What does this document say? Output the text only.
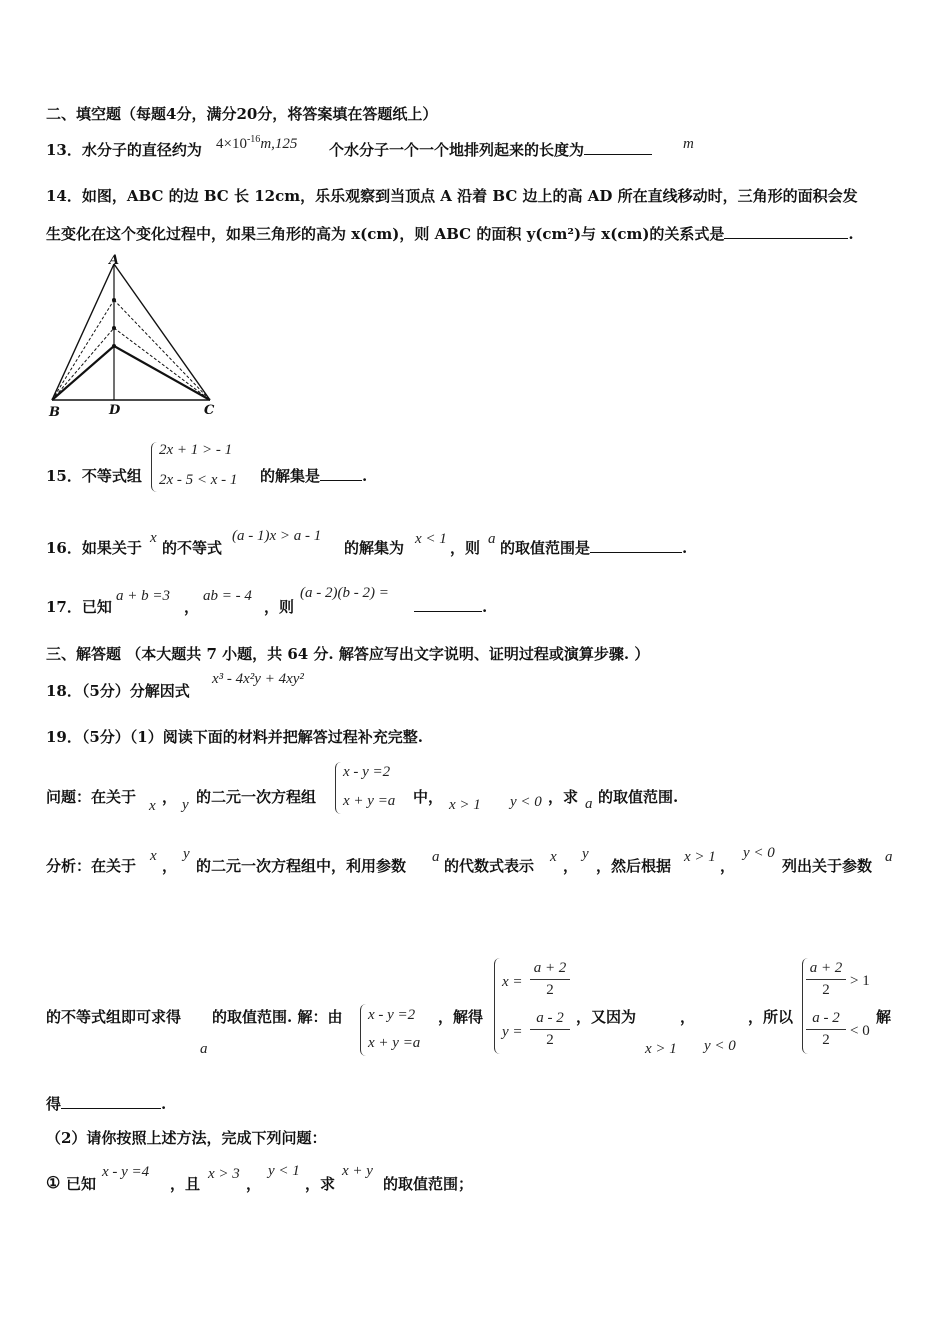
二、填空题（每题4分，满分20分，将答案填在答题纸上）
13．水分子的直径约为 $4\times 10^{-16}m,125$ 个水分子一个一个地排列起来的长度为	m
14．如图，ABC 的边 BC 长 12cm，乐乐观察到当顶点 A 沿着 BC 边上的高 AD 所在直线移动时，三角形的面积会发
生变化在这个变化过程中，如果三角形的高为 x(cm)，则 ABC 的面积 y(cm²)与 x(cm)的关系式是	.
A
B	D	C
15．不等式组
2x + 1 > - 1
2x - 5 < x - 1 的解集是	.
16．如果关于
x
的不等式
(a - 1)x > a - 1
的解集为 x < 1 ，则 a 的取值范围是	.
17．已知
a + b =3
，
ab = - 4
，则
(a - 2)(b - 2) =
.
三、解答题 （本大题共 7 小题，共 64 分. 解答应写出文字说明、证明过程或演算步骤. ）
18．（5分）分解因式
x³ - 4x²y + 4xy²
19．（5分）（1）阅读下面的材料并把解答过程补充完整.
问题：在关于 x ， y 的二元一次方程组
x - y =2
x + y =a 中， x > 1 y < 0 ，求 a 的取值范围.
分析：在关于
x
，
y
的二元一次方程组中，利用参数 a 的代数式表示 x ，
y
，然后根据 x > 1 ，
y < 0
列出关于参数 a
的不等式组即可求得
a
的取值范围. 解：由 x - y =2
x + y =a
，解得
x =
a + 2
2
y =
a - 2
2
，又因为
x > 1
，
y < 0
，所以
a + 2
2
> 1
a - 2
2
< 0
解
得	.
（2）请你按照上述方法，完成下列问题：
① 已知
x - y =4
，且
x > 3
，
y < 1
，求
x + y
的取值范围；
